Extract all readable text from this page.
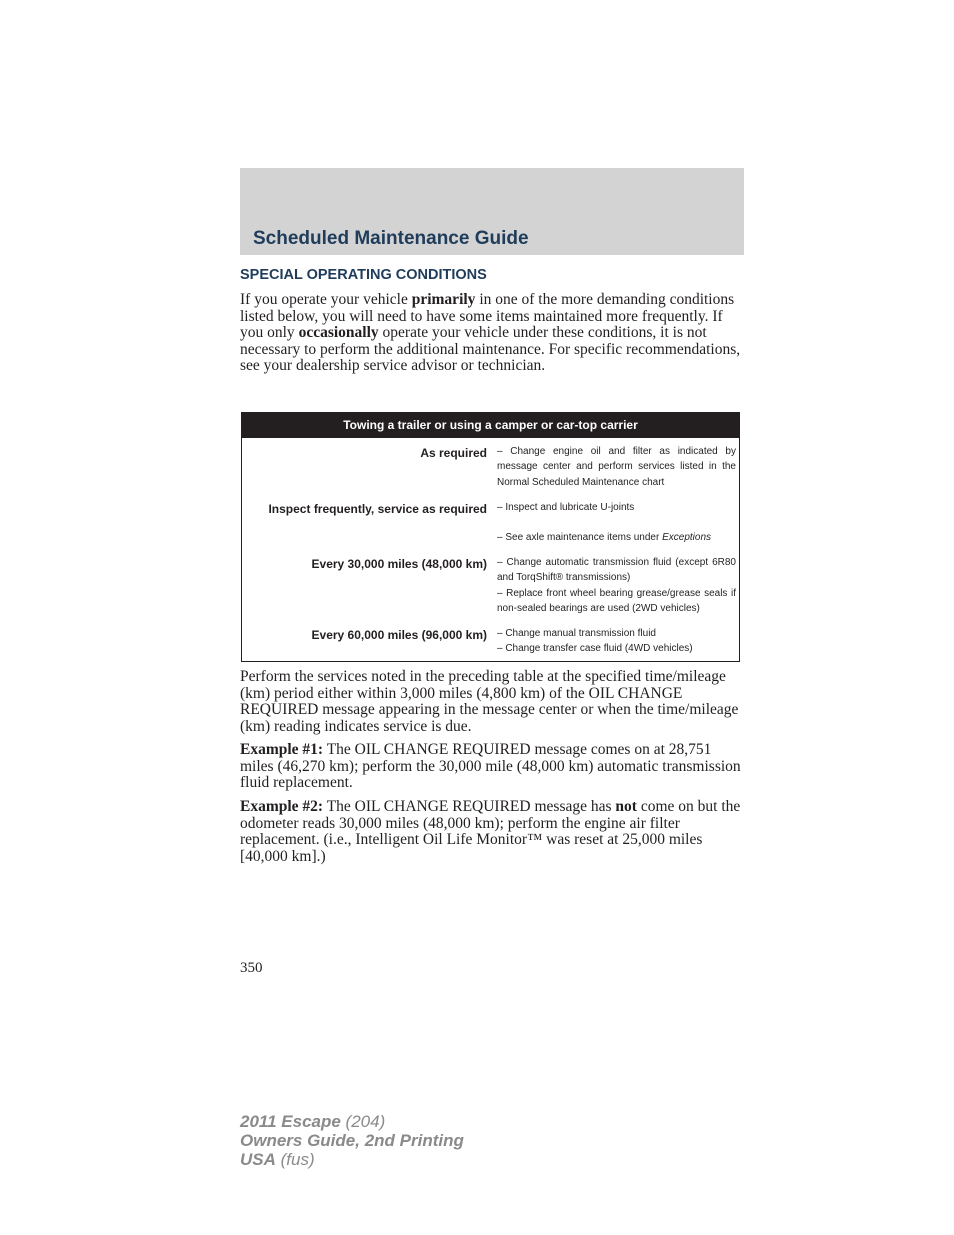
Scheduled Maintenance Guide
SPECIAL OPERATING CONDITIONS

If you operate your vehicle primarily in one of the more demanding conditions listed below, you will need to have some items maintained more frequently. If you only occasionally operate your vehicle under these conditions, it is not necessary to perform the additional maintenance. For specific recommendations, see your dealership service advisor or technician.

Towing a trailer or using a camper or car-top carrier
As required – Change engine oil and filter as indicated by message center and perform services listed in the Normal Scheduled Maintenance chart

Inspect frequently, service as required – Inspect and lubricate U-joints

– See axle maintenance items under Exceptions

Every 30,000 miles (48,000 km) – Change automatic transmission fluid (except 6R80 and TorqShift® transmissions)

– Replace front wheel bearing grease/grease seals if non-sealed bearings are used (2WD vehicles)

Every 60,000 miles (96,000 km) – Change manual transmission fluid

– Change transfer case fluid (4WD vehicles)

Perform the services noted in the preceding table at the specified time/mileage (km) period either within 3,000 miles (4,800 km) of the OIL CHANGE REQUIRED message appearing in the message center or when the time/mileage (km) reading indicates service is due.

Example #1: The OIL CHANGE REQUIRED message comes on at 28,751 miles (46,270 km); perform the 30,000 mile (48,000 km) automatic transmission fluid replacement.

Example #2: The OIL CHANGE REQUIRED message has not come on but the odometer reads 30,000 miles (48,000 km); perform the engine air filter replacement. (i.e., Intelligent Oil Life Monitor™ was reset at 25,000 miles [40,000 km].)

350

2011 Escape (204)
Owners Guide, 2nd Printing
USA (fus)
